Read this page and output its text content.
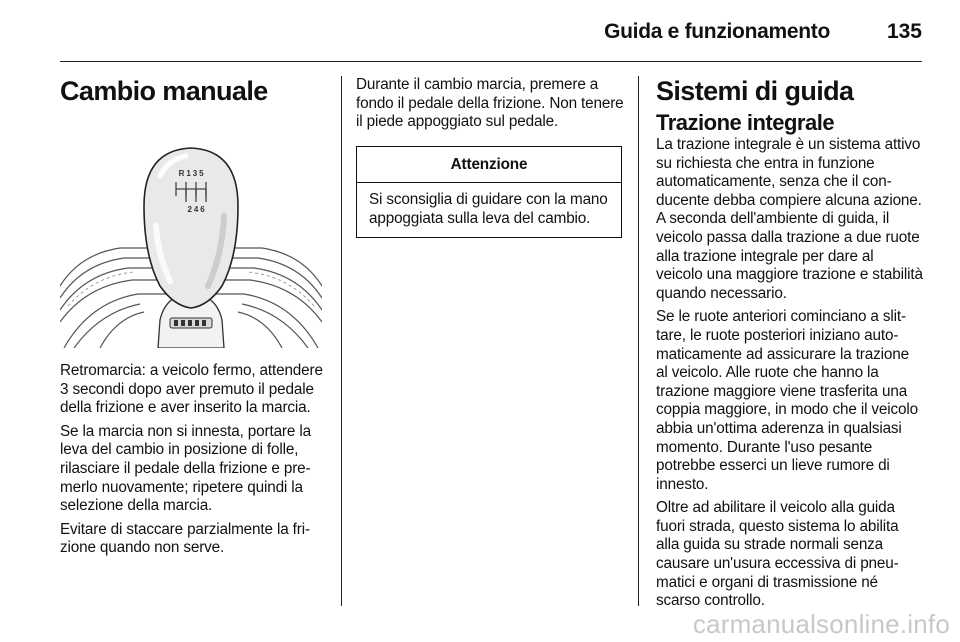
Guida e funzionamento	135
Cambio manuale
R 1 3 5
2 4 6

Retromarcia: a veicolo fermo, attendere 3 secondi dopo aver premuto il pedale della frizione e aver inserito la marcia.

Se la marcia non si innesta, portare la leva del cambio in posizione di folle, rilasciare il pedale della frizione e premerlo nuovamente; ripetere quindi la selezione della marcia.

Evitare di staccare parzialmente la frizione quando non serve.

Durante il cambio marcia, premere a fondo il pedale della frizione. Non tenere il piede appoggiato sul pedale.

Attenzione
Si sconsiglia di guidare con la mano appoggiata sulla leva del cambio.
Sistemi di guida
Trazione integrale

La trazione integrale è un sistema attivo su richiesta che entra in funzione automaticamente, senza che il conducente debba compiere alcuna azione. A seconda dell'ambiente di guida, il veicolo passa dalla trazione a due ruote alla trazione integrale per dare al veicolo una maggiore trazione e stabilità quando necessario.

Se le ruote anteriori cominciano a slittare, le ruote posteriori iniziano automaticamente ad assicurare la trazione al veicolo. Alle ruote che hanno la trazione maggiore viene trasferita una coppia maggiore, in modo che il veicolo abbia un'ottima aderenza in qualsiasi momento. Durante l'uso pesante potrebbe esserci un lieve rumore di innesto.

Oltre ad abilitare il veicolo alla guida fuori strada, questo sistema lo abilita alla guida su strade normali senza causare un'usura eccessiva di pneumatici e organi di trasmissione né scarso controllo.

carmanualsonline.info
